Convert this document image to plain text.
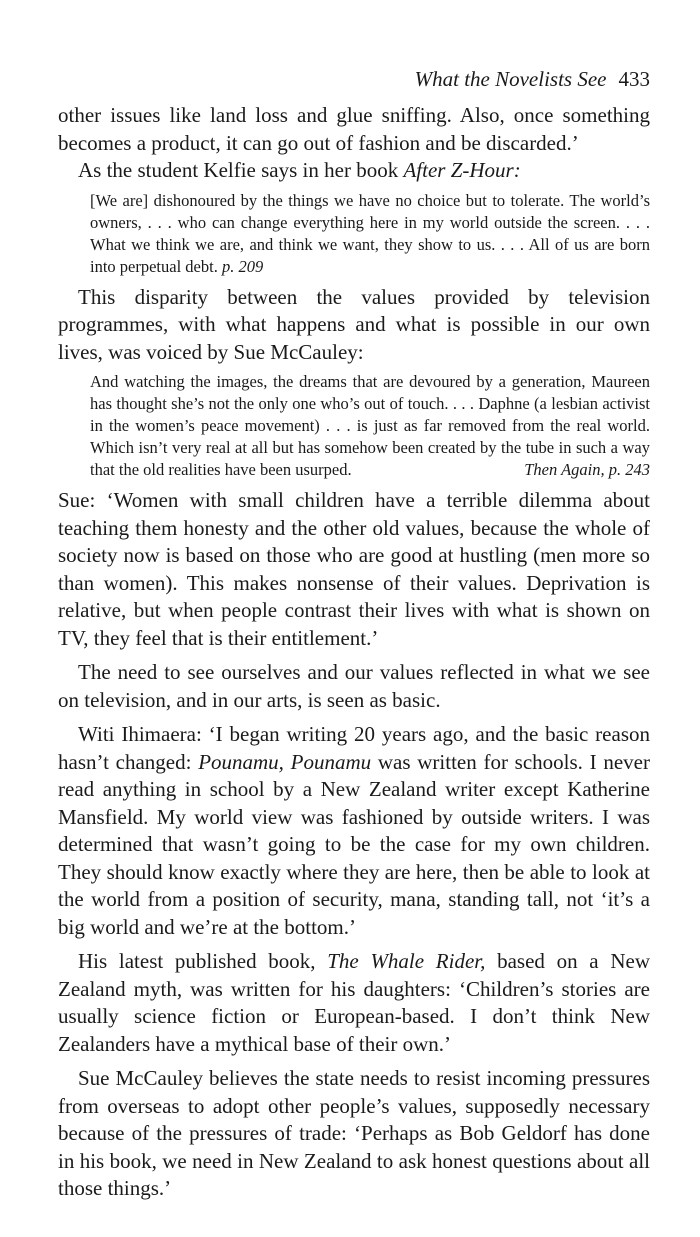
What the Novelists See 433

other issues like land loss and glue sniffing. Also, once something becomes a product, it can go out of fashion and be discarded.’

As the student Kelfie says in her book After Z-Hour:

[We are] dishonoured by the things we have no choice but to tolerate. The world’s owners, . . . who can change everything here in my world outside the screen. . . . What we think we are, and think we want, they show to us. . . . All of us are born into perpetual debt. p. 209

This disparity between the values provided by television programmes, with what happens and what is possible in our own lives, was voiced by Sue McCauley:

And watching the images, the dreams that are devoured by a generation, Maureen has thought she’s not the only one who’s out of touch. . . . Daphne (a lesbian activist in the women’s peace movement) . . . is just as far removed from the real world. Which isn’t very real at all but has somehow been created by the tube in such a way that the old realities have been usurped.	Then Again, p. 243

Sue: ‘Women with small children have a terrible dilemma about teaching them honesty and the other old values, because the whole of society now is based on those who are good at hustling (men more so than women). This makes nonsense of their values. Deprivation is relative, but when people contrast their lives with what is shown on TV, they feel that is their entitlement.’

The need to see ourselves and our values reflected in what we see on television, and in our arts, is seen as basic.

Witi Ihimaera: ‘I began writing 20 years ago, and the basic reason hasn’t changed: Pounamu, Pounamu was written for schools. I never read anything in school by a New Zealand writer except Katherine Mansfield. My world view was fashioned by outside writers. I was determined that wasn’t going to be the case for my own children. They should know exactly where they are here, then be able to look at the world from a position of security, mana, standing tall, not ‘it’s a big world and we’re at the bottom.’

His latest published book, The Whale Rider, based on a New Zealand myth, was written for his daughters: ‘Children’s stories are usually science fiction or European-based. I don’t think New Zealanders have a mythical base of their own.’

Sue McCauley believes the state needs to resist incoming pressures from overseas to adopt other people’s values, supposedly necessary because of the pressures of trade: ‘Perhaps as Bob Geldorf has done in his book, we need in New Zealand to ask honest questions about all those things.’
